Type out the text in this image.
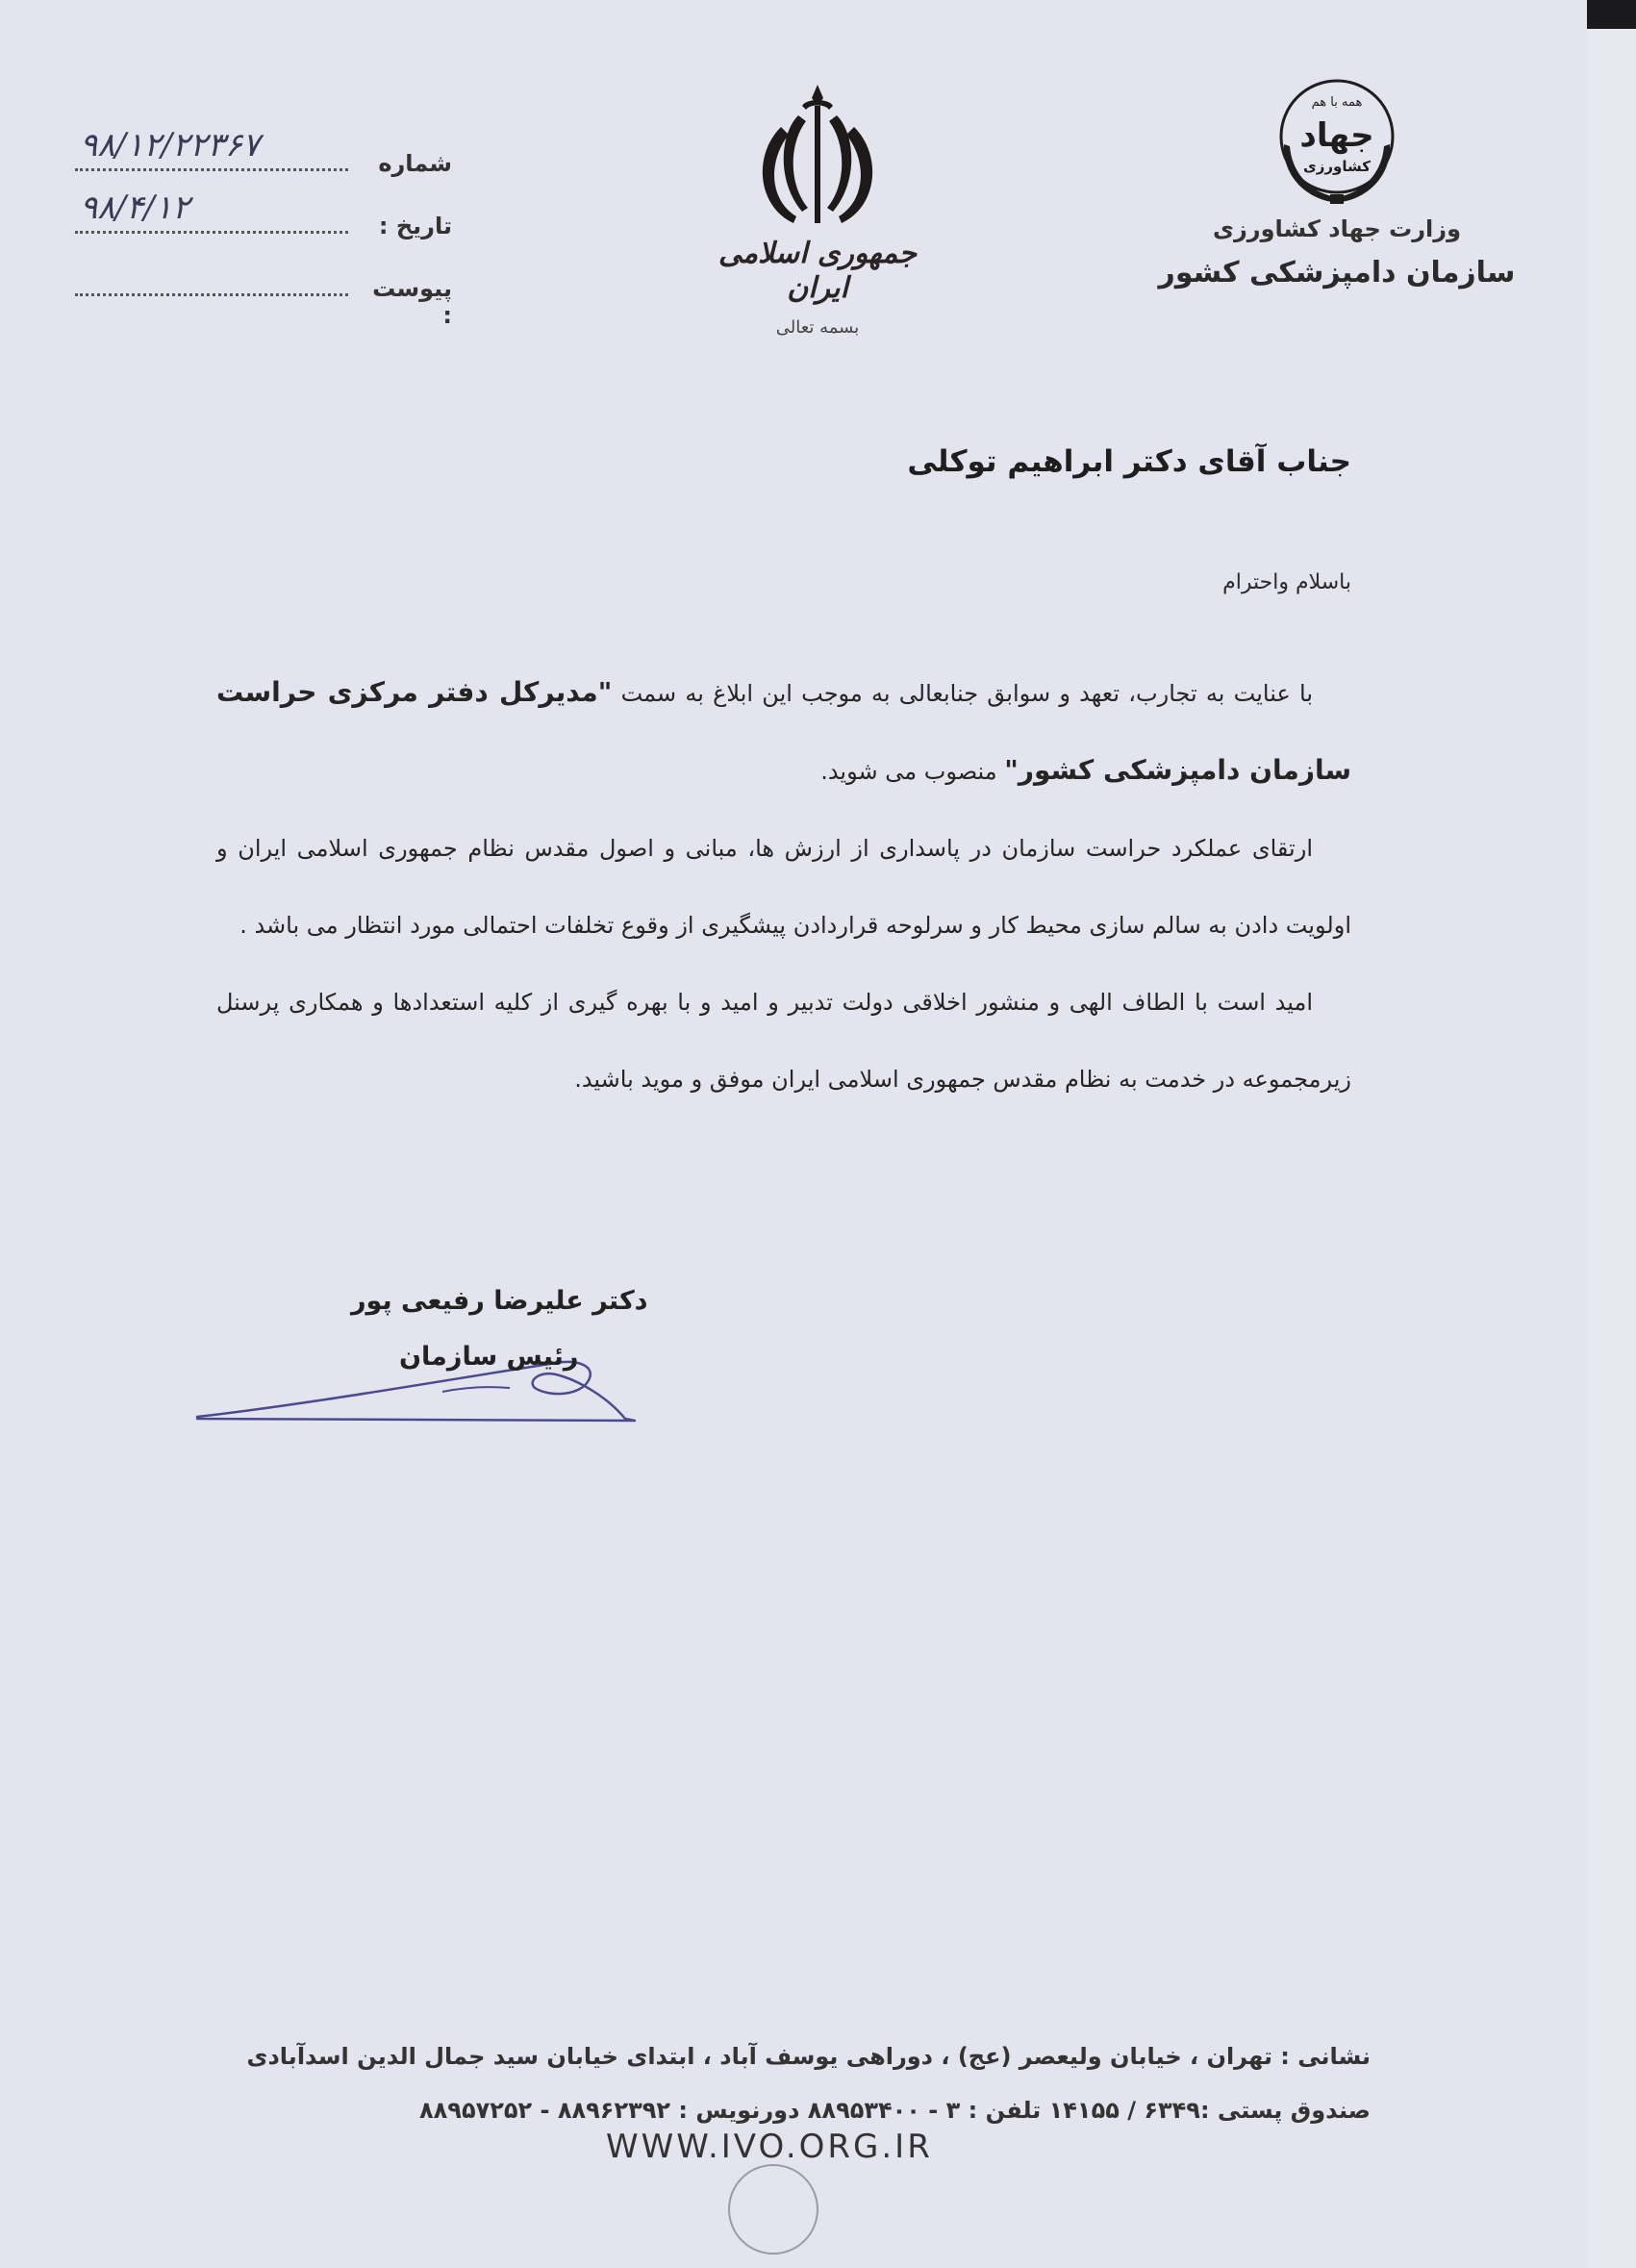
جمهوری اسلامی ایران
بسمه تعالی
همه با هم
جهاد
کشاورزی
وزارت جهاد کشاورزی
سازمان دامپزشکی کشور
شماره
۹۸/۱۲/۲۲۳۶۷
تاریخ :
۹۸/۴/۱۲
پیوست :
جناب آقای دکتر ابراهیم توکلی
باسلام واحترام

با عنایت به تجارب، تعهد و سوابق جنابعالی به موجب این ابلاغ به سمت "مدیرکل دفتر مرکزی حراست سازمان دامپزشکی کشور" منصوب می شوید.

ارتقای عملکرد حراست سازمان در پاسداری از ارزش ها، مبانی و اصول مقدس نظام جمهوری اسلامی ایران و اولویت دادن به سالم سازی محیط کار و سرلوحه قراردادن پیشگیری از وقوع تخلفات احتمالی مورد انتظار می باشد .

امید است با الطاف الهی و منشور اخلاقی دولت تدبیر و امید و با بهره گیری از کلیه استعدادها و همکاری پرسنل زیرمجموعه در خدمت به نظام مقدس جمهوری اسلامی ایران موفق و موید باشید.

دکتر علیرضا رفیعی پور
رئیس سازمان
نشانی : تهران ، خیابان ولیعصر (عج) ، دوراهی یوسف آباد ، ابتدای خیابان سید جمال الدین اسدآبادی
صندوق پستی :۶۳۴۹ / ۱۴۱۵۵ تلفن : ۳ - ۸۸۹۵۳۴۰۰ دورنویس : ۸۸۹۶۲۳۹۲ - ۸۸۹۵۷۲۵۲
WWW.IVO.ORG.IR
